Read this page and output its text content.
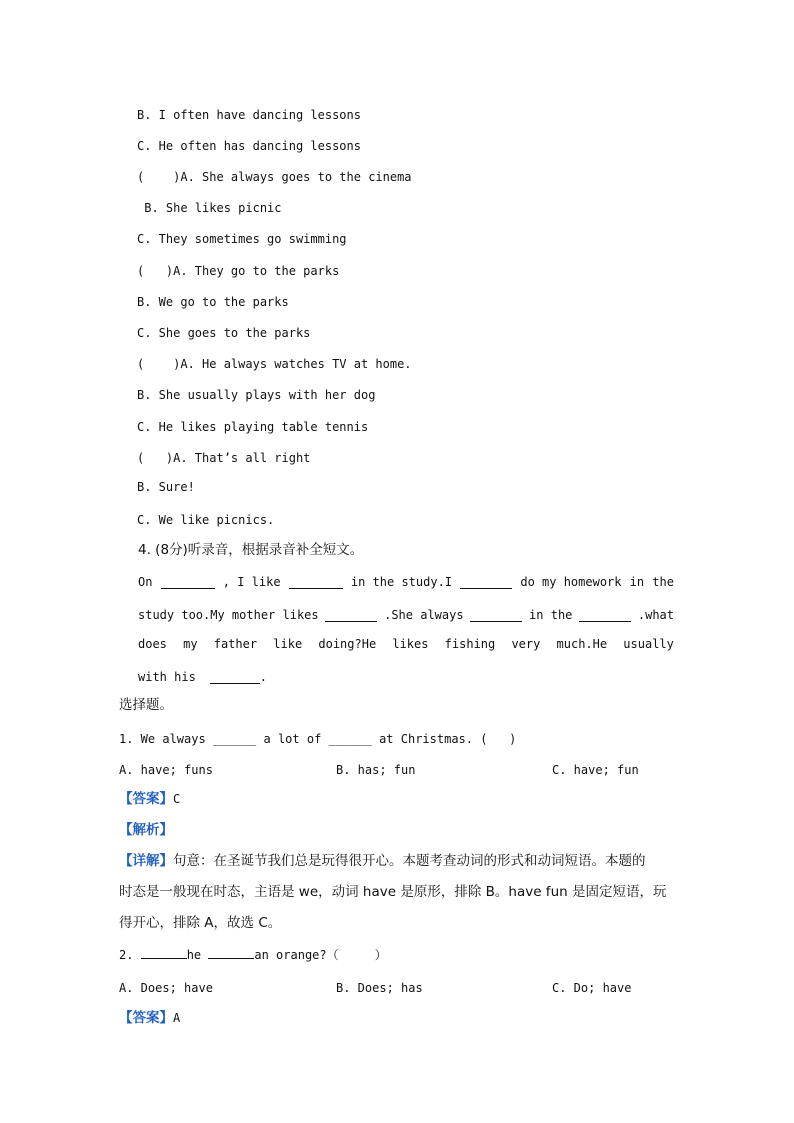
B. I often have dancing lessons
C. He often has dancing lessons
(    )A. She always goes to the cinema
B. She likes picnic
C. They sometimes go swimming
(   )A. They go to the parks
B. We go to the parks
C. She goes to the parks
(    )A. He always watches TV at home.
B. She usually plays with her dog
C. He likes playing table tennis
(   )A. That’s all right
B. Sure!
C. We like picnics.
4. (8分)听录音，根据录音补全短文。
On	, I like	in the study.I	do my homework in the
study too.My mother likes	.She always	in the	.what
does my father like doing?He likes fishing very much.He usually
with his	.
选择题。
1. We always ______ a lot of ______ at Christmas. (   )
A. have; funs	B. has; fun	C. have; fun
【答案】C
【解析】
【详解】句意：在圣诞节我们总是玩得很开心。本题考查动词的形式和动词短语。本题的
时态是一般现在时态，主语是 we，动词 have 是原形，排除 B。have fun 是固定短语，玩
得开心，排除 A，故选 C。
2.	he	an orange?（     ）
A. Does; have	B. Does; has	C. Do; have
【答案】A
